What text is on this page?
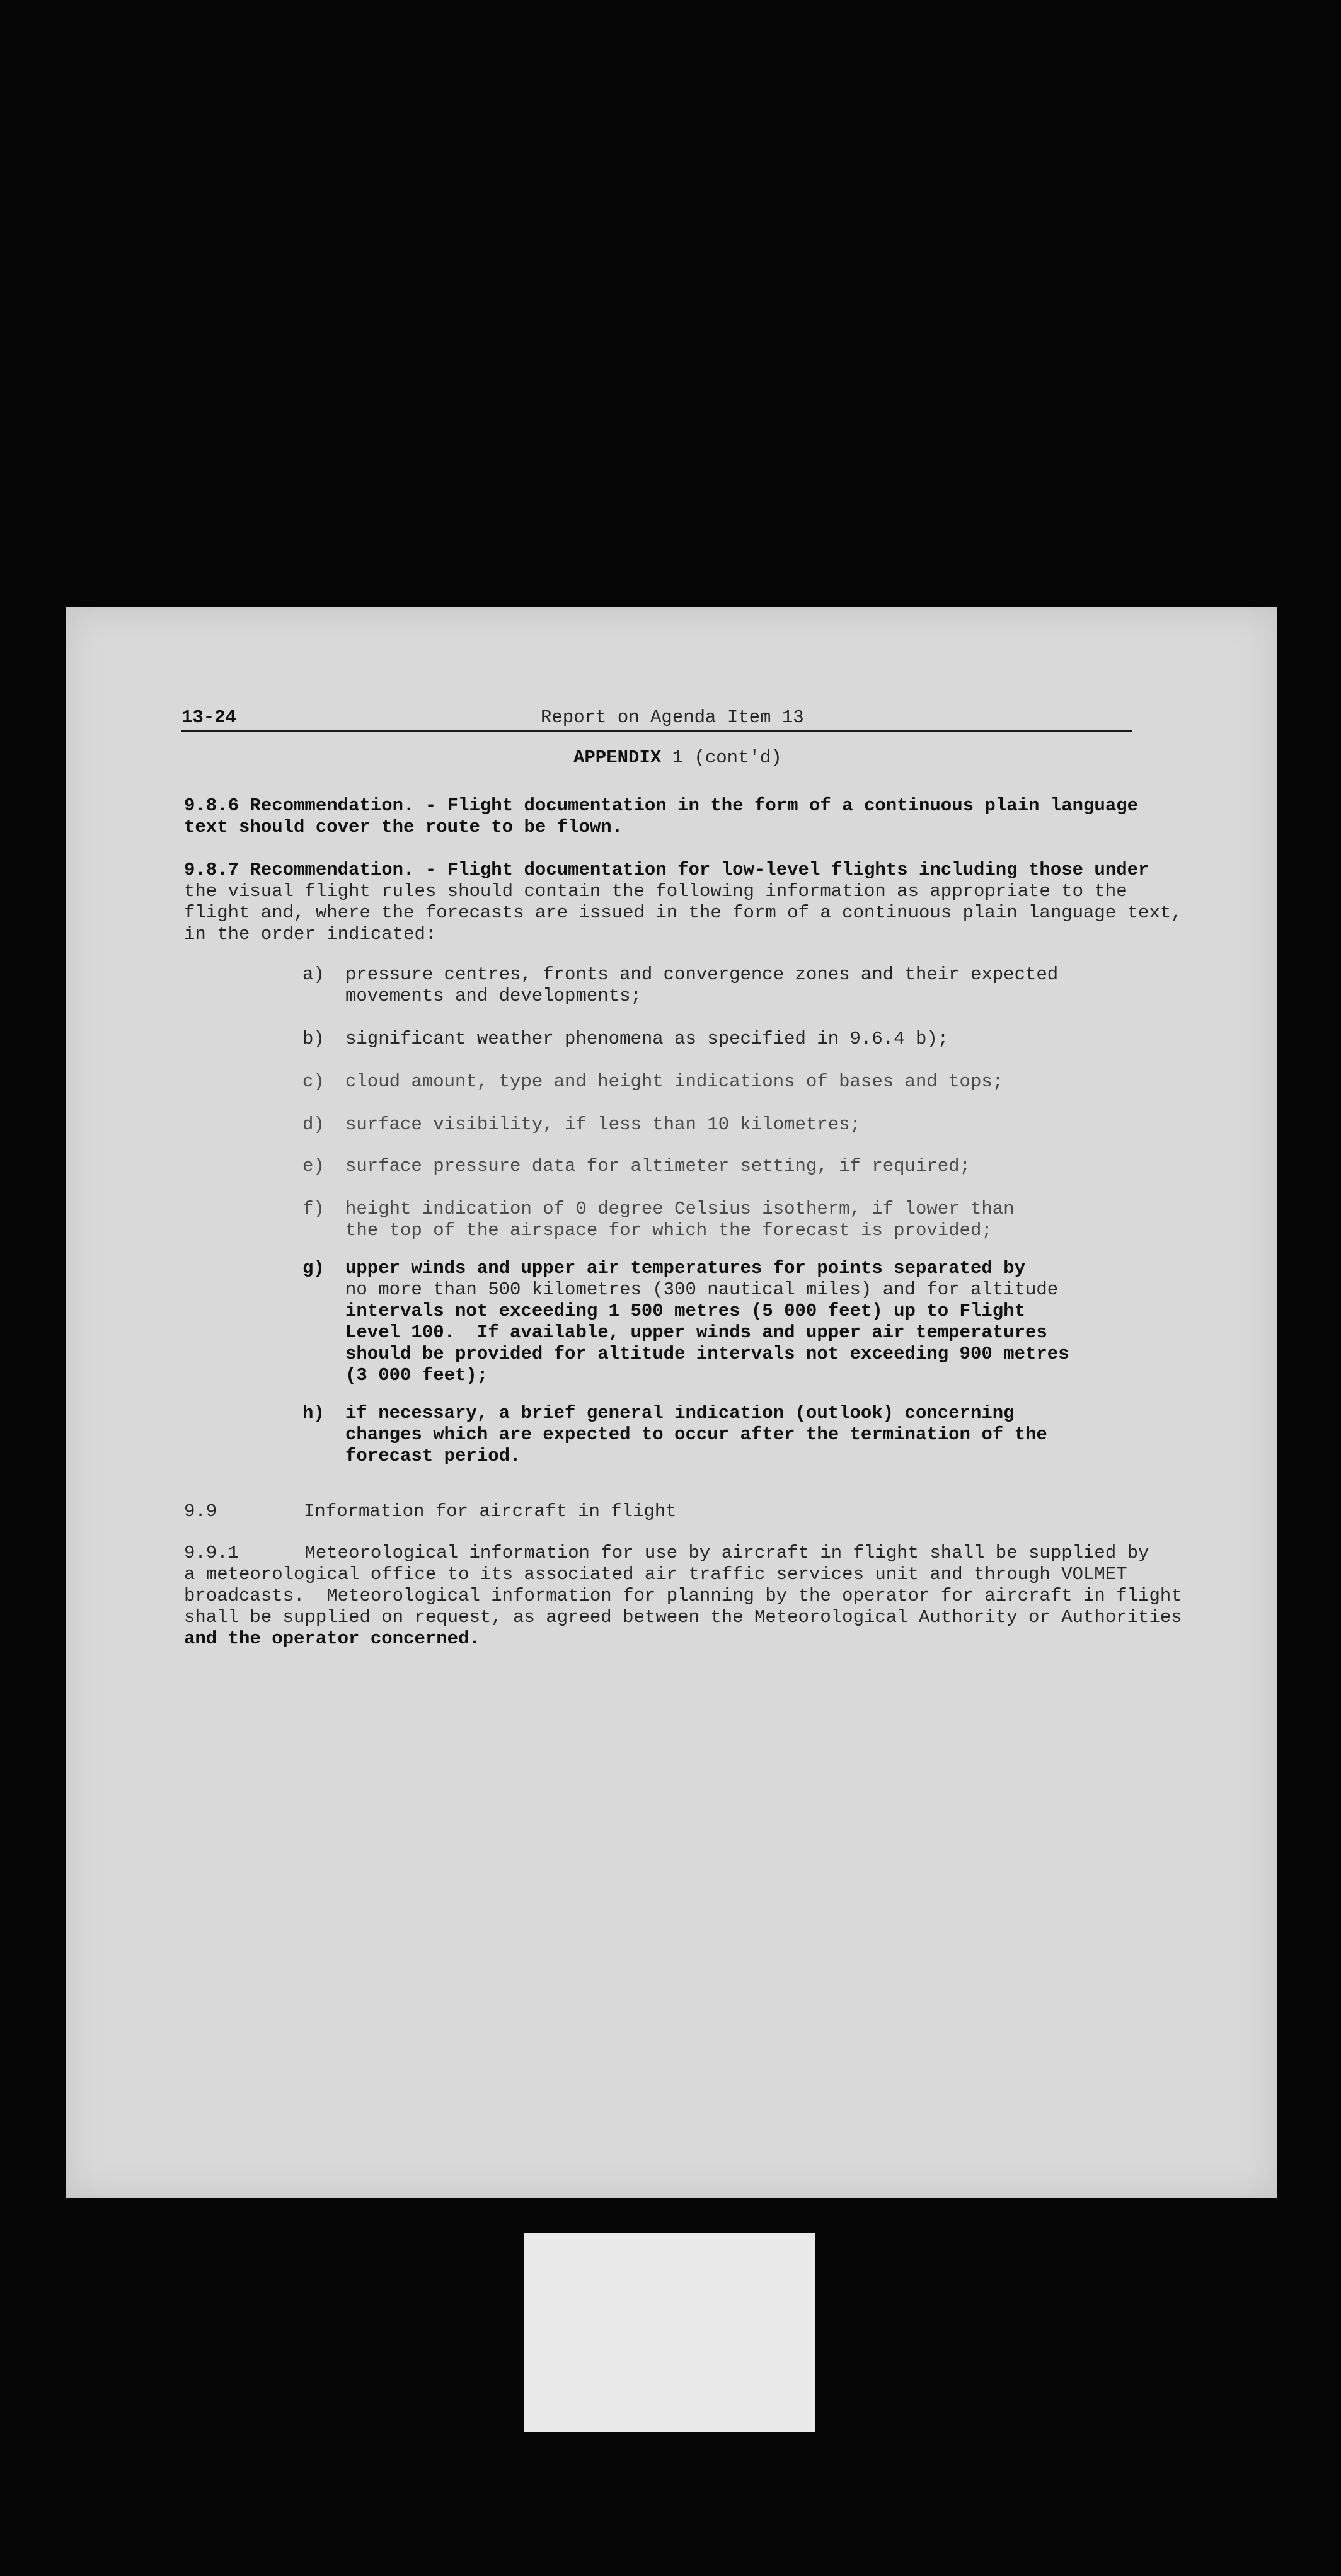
13-24	Report on Agenda Item 13
APPENDIX 1 (cont'd)
9.8.6 Recommendation. - Flight documentation in the form of a continuous plain language
text should cover the route to be flown.
9.8.7 Recommendation. - Flight documentation for low-level flights including those under
the visual flight rules should contain the following information as appropriate to the
flight and, where the forecasts are issued in the form of a continuous plain language text,
in the order indicated:
a) pressure centres, fronts and convergence zones and their expected
movements and developments;
b) significant weather phenomena as specified in 9.6.4 b);
c) cloud amount, type and height indications of bases and tops;
d) surface visibility, if less than 10 kilometres;
e) surface pressure data for altimeter setting, if required;
f) height indication of 0 degree Celsius isotherm, if lower than
the top of the airspace for which the forecast is provided;
g) upper winds and upper air temperatures for points separated by
no more than 500 kilometres (300 nautical miles) and for altitude
intervals not exceeding 1 500 metres (5 000 feet) up to Flight
Level 100.  If available, upper winds and upper air temperatures
should be provided for altitude intervals not exceeding 900 metres
(3 000 feet);
h) if necessary, a brief general indication (outlook) concerning
changes which are expected to occur after the termination of the
forecast period.
9.9	Information for aircraft in flight
9.9.1      Meteorological information for use by aircraft in flight shall be supplied by
a meteorological office to its associated air traffic services unit and through VOLMET
broadcasts.  Meteorological information for planning by the operator for aircraft in flight
shall be supplied on request, as agreed between the Meteorological Authority or Authorities
and the operator concerned.
